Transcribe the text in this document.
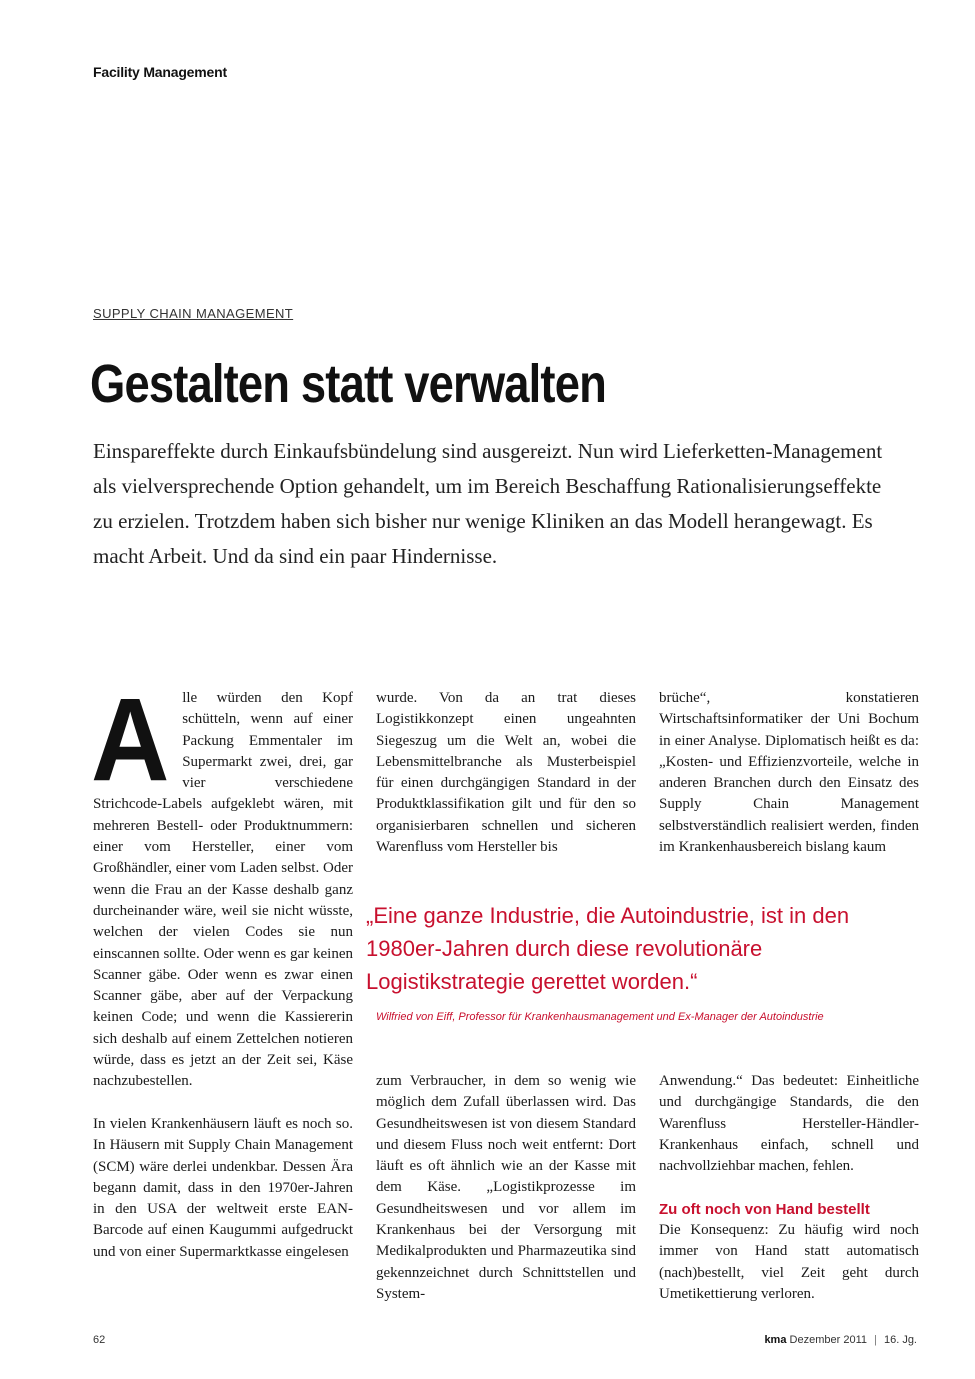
Facility Management
SUPPLY CHAIN MANAGEMENT
Gestalten statt verwalten

Einspareffekte durch Einkaufsbündelung sind ausgereizt. Nun wird Lieferketten-Management als vielversprechende Option gehandelt, um im Bereich Beschaffung Rationalisierungseffekte zu erzielen. Trotzdem haben sich bisher nur wenige Kliniken an das Modell herangewagt. Es macht Arbeit. Und da sind ein paar Hindernisse.

Alle würden den Kopf schütteln, wenn auf einer Packung Emmentaler im Supermarkt zwei, drei, gar vier verschiedene Strichcode-Labels aufgeklebt wären, mit mehreren Bestell- oder Produktnummern: einer vom Hersteller, einer vom Großhändler, einer vom Laden selbst. Oder wenn die Frau an der Kasse deshalb ganz durcheinander wäre, weil sie nicht wüsste, welchen der vielen Codes sie nun einscannen sollte. Oder wenn es gar keinen Scanner gäbe. Oder wenn es zwar einen Scanner gäbe, aber auf der Verpackung keinen Code; und wenn die Kassiererin sich deshalb auf einem Zettelchen notieren würde, dass es jetzt an der Zeit sei, Käse nachzubestellen.

In vielen Krankenhäusern läuft es noch so. In Häusern mit Supply Chain Management (SCM) wäre derlei undenkbar. Dessen Ära begann damit, dass in den 1970er-Jahren in den USA der weltweit erste EAN-Barcode auf einen Kaugummi aufgedruckt und von einer Supermarktkasse eingelesen

wurde. Von da an trat dieses Logistikkonzept einen ungeahnten Siegeszug um die Welt an, wobei die Lebensmittelbranche als Musterbeispiel für einen durchgängigen Standard in der Produktklassifikation gilt und für den so organisierbaren schnellen und sicheren Warenfluss vom Hersteller bis

brüche“, konstatieren Wirtschaftsinformatiker der Uni Bochum in einer Analyse. Diplomatisch heißt es da: „Kosten- und Effizienzvorteile, welche in anderen Branchen durch den Einsatz des Supply Chain Management selbstverständlich realisiert werden, finden im Krankenhausbereich bislang kaum

„Eine ganze Industrie, die Autoindustrie, ist in den 1980er-Jahren durch diese revolutionäre Logistikstrategie gerettet worden.“

Wilfried von Eiff, Professor für Krankenhausmanagement und Ex-Manager der Autoindustrie

zum Verbraucher, in dem so wenig wie möglich dem Zufall überlassen wird. Das Gesundheitswesen ist von diesem Standard und diesem Fluss noch weit entfernt: Dort läuft es oft ähnlich wie an der Kasse mit dem Käse. „Logistikprozesse im Gesundheitswesen und vor allem im Krankenhaus bei der Versorgung mit Medikalprodukten und Pharmazeutika sind gekennzeichnet durch Schnittstellen und System-

Anwendung.“ Das bedeutet: Einheitliche und durchgängige Standards, die den Warenfluss Hersteller-Händler-Krankenhaus einfach, schnell und nachvollziehbar machen, fehlen.

Zu oft noch von Hand bestellt

Die Konsequenz: Zu häufig wird noch immer von Hand statt automatisch (nach)bestellt, viel Zeit geht durch Umetikettierung verloren.

62	kma Dezember 2011 | 16. Jg.
